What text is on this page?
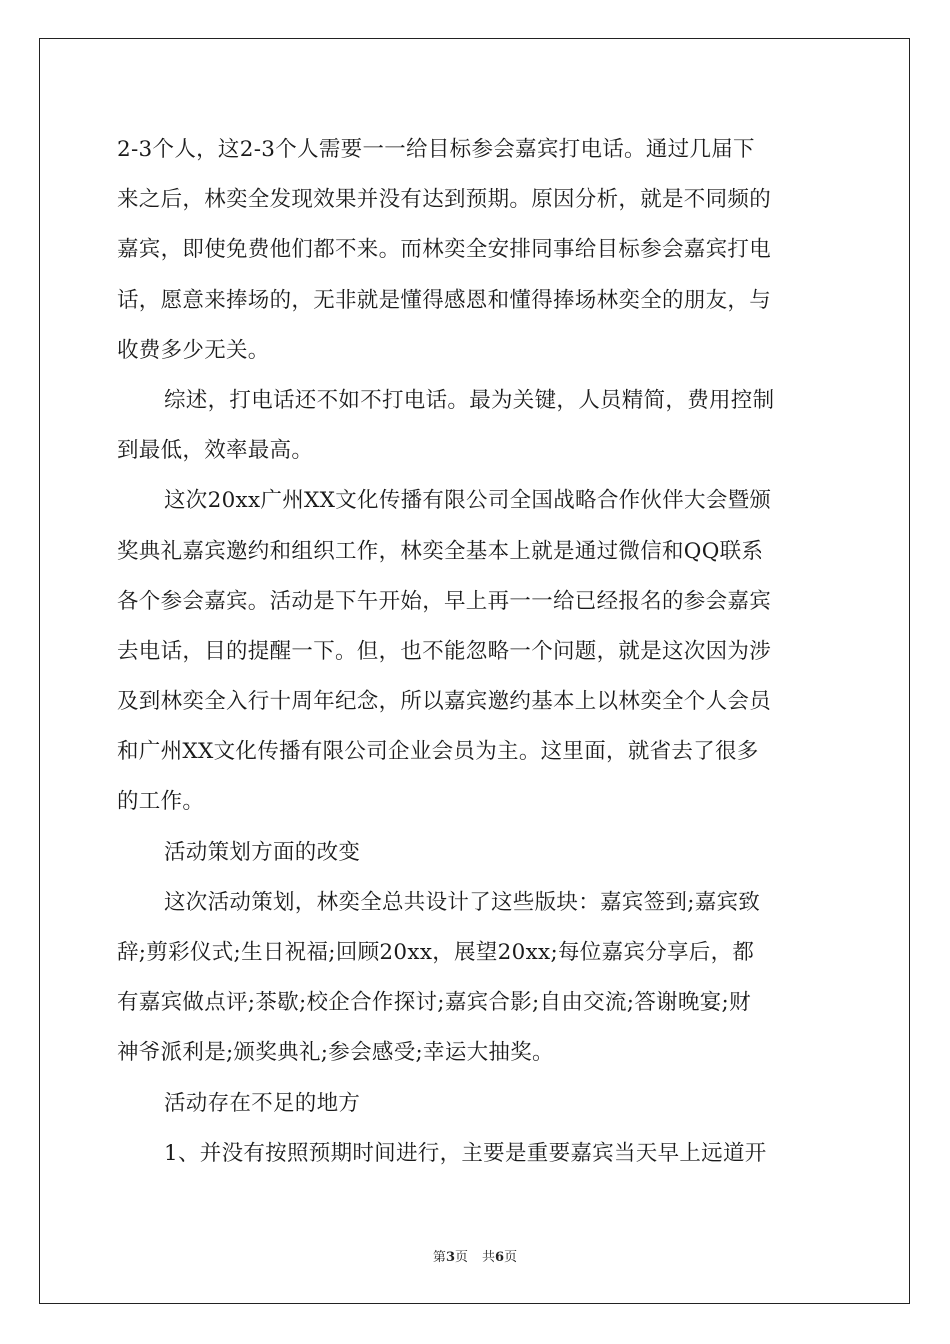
2-3个人，这2-3个人需要一一给目标参会嘉宾打电话。通过几届下
来之后，林奕全发现效果并没有达到预期。原因分析，就是不同频的
嘉宾，即使免费他们都不来。而林奕全安排同事给目标参会嘉宾打电
话，愿意来捧场的，无非就是懂得感恩和懂得捧场林奕全的朋友，与
收费多少无关。
综述，打电话还不如不打电话。最为关键，人员精简，费用控制
到最低，效率最高。
这次20xx广州XX文化传播有限公司全国战略合作伙伴大会暨颁
奖典礼嘉宾邀约和组织工作，林奕全基本上就是通过微信和QQ联系
各个参会嘉宾。活动是下午开始，早上再一一给已经报名的参会嘉宾
去电话，目的提醒一下。但，也不能忽略一个问题，就是这次因为涉
及到林奕全入行十周年纪念，所以嘉宾邀约基本上以林奕全个人会员
和广州XX文化传播有限公司企业会员为主。这里面，就省去了很多
的工作。
活动策划方面的改变
这次活动策划，林奕全总共设计了这些版块：嘉宾签到;嘉宾致
辞;剪彩仪式;生日祝福;回顾20xx，展望20xx;每位嘉宾分享后，都
有嘉宾做点评;茶歇;校企合作探讨;嘉宾合影;自由交流;答谢晚宴;财
神爷派利是;颁奖典礼;参会感受;幸运大抽奖。
活动存在不足的地方
1、并没有按照预期时间进行，主要是重要嘉宾当天早上远道开
第3页 共6页
